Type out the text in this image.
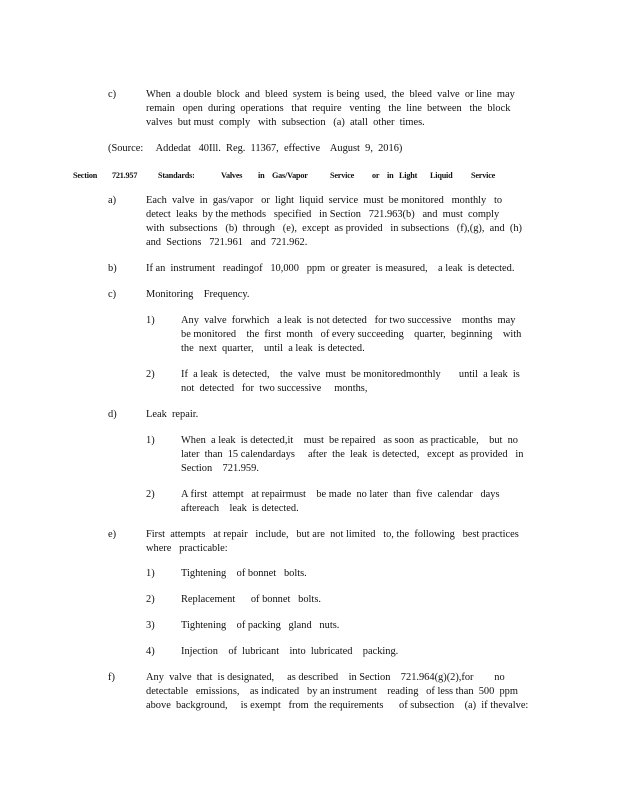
c)	When  a double  block  and  bleed  system  is being  used,  the  bleed  valve  or line  may
remain   open  during  operations   that  require   venting   the  line  between   the  block
valves  but must  comply   with  subsection   (a)  atall  other  times.
(Source:     Addedat   40Ill.  Reg.  11367,  effective    August  9,  2016)
Section 721.957	Standards:	Valves in Gas/Vapor	Service or in Light Liquid Service
a)	Each  valve  in  gas/vapor   or  light  liquid  service  must  be monitored   monthly   to
detect  leaks  by the methods   specified   in Section   721.963(b)   and  must  comply
with  subsections   (b)  through   (e),  except  as provided   in subsections   (f),(g),  and  (h)
and  Sections   721.961   and  721.962.
b)	If an  instrument   readingof   10,000   ppm  or greater  is measured,    a leak  is detected.
c)	Monitoring    Frequency.
1)	Any  valve  forwhich   a leak  is not detected   for two successive    months  may
be monitored    the  first  month   of every succeeding    quarter,  beginning    with
the  next  quarter,    until  a leak  is detected.
2)	If  a leak  is detected,    the  valve  must  be monitoredmonthly       until  a leak  is
not  detected   for  two successive     months,
d)	Leak  repair.
1)	When  a leak  is detected,it    must  be repaired   as soon  as practicable,    but  no
later  than  15 calendardays     after  the  leak  is detected,   except  as provided   in
Section    721.959.
2)	A first  attempt   at repairmust    be made  no later  than  five  calendar   days
aftereach    leak  is detected.
e)	First  attempts   at repair   include,   but are  not limited   to, the  following   best practices
where   practicable:
1)	Tightening    of bonnet   bolts.
2)	Replacement      of bonnet   bolts.
3)	Tightening    of packing   gland   nuts.
4)	Injection    of  lubricant    into  lubricated    packing.
f)	Any  valve  that  is designated,     as described    in Section    721.964(g)(2),for        no
detectable   emissions,    as indicated   by an instrument    reading   of less than  500  ppm
above  background,     is exempt   from  the requirements      of subsection    (a)  if thevalve:
